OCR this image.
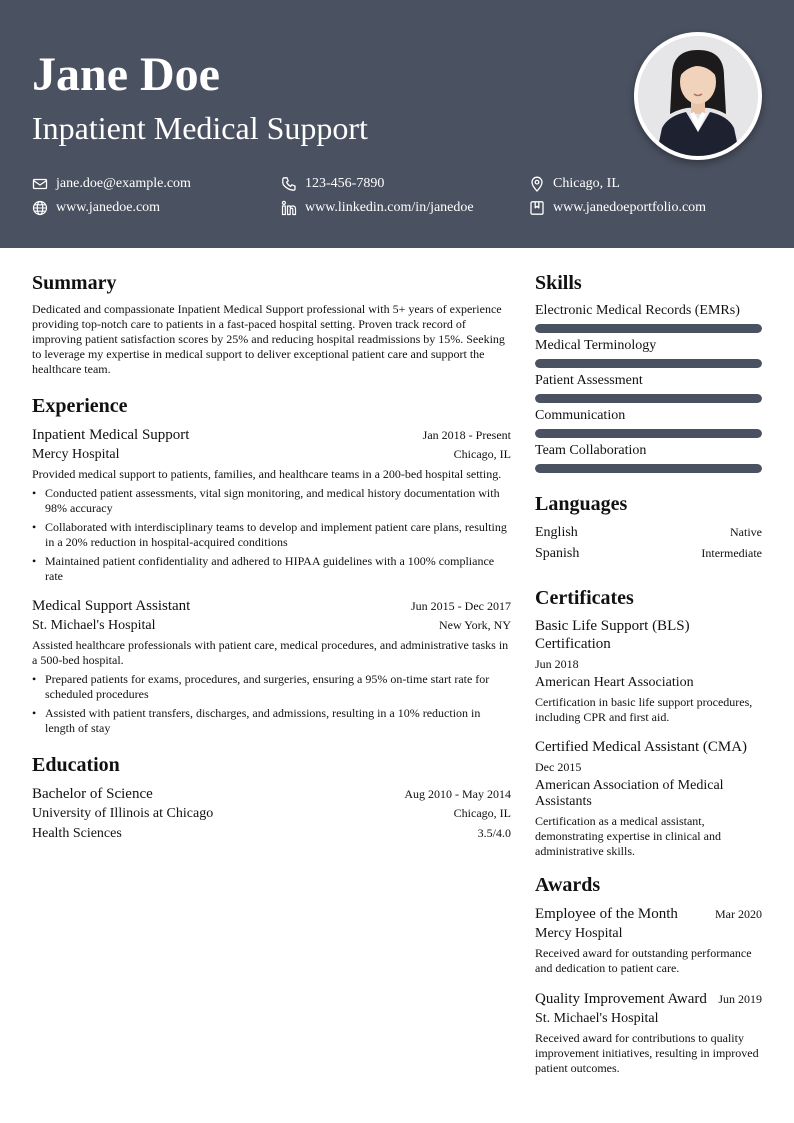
Jane Doe
Inpatient Medical Support
jane.doe@example.com	123-456-7890	Chicago, IL
www.janedoe.com	www.linkedin.com/in/janedoe	www.janedoeportfolio.com
Summary
Dedicated and compassionate Inpatient Medical Support professional with 5+ years of experience providing top-notch care to patients in a fast-paced hospital setting. Proven track record of improving patient satisfaction scores by 25% and reducing hospital readmissions by 15%. Seeking to leverage my expertise in medical support to deliver exceptional patient care and support the healthcare team.
Experience
Inpatient Medical Support	Jan 2018 - Present
Mercy Hospital	Chicago, IL
Provided medical support to patients, families, and healthcare teams in a 200-bed hospital setting.
• Conducted patient assessments, vital sign monitoring, and medical history documentation with 98% accuracy
• Collaborated with interdisciplinary teams to develop and implement patient care plans, resulting in a 20% reduction in hospital-acquired conditions
• Maintained patient confidentiality and adhered to HIPAA guidelines with a 100% compliance rate
Medical Support Assistant	Jun 2015 - Dec 2017
St. Michael's Hospital	New York, NY
Assisted healthcare professionals with patient care, medical procedures, and administrative tasks in a 500-bed hospital.
• Prepared patients for exams, procedures, and surgeries, ensuring a 95% on-time start rate for scheduled procedures
• Assisted with patient transfers, discharges, and admissions, resulting in a 10% reduction in length of stay
Education
Bachelor of Science	Aug 2010 - May 2014
University of Illinois at Chicago	Chicago, IL
Health Sciences	3.5/4.0
Skills
Electronic Medical Records (EMRs)
Medical Terminology
Patient Assessment
Communication
Team Collaboration
Languages
English	Native
Spanish	Intermediate
Certificates
Basic Life Support (BLS) Certification
Jun 2018
American Heart Association
Certification in basic life support procedures, including CPR and first aid.
Certified Medical Assistant (CMA)
Dec 2015
American Association of Medical Assistants
Certification as a medical assistant, demonstrating expertise in clinical and administrative skills.
Awards
Employee of the Month	Mar 2020
Mercy Hospital
Received award for outstanding performance and dedication to patient care.
Quality Improvement Award Jun 2019
St. Michael's Hospital
Received award for contributions to quality improvement initiatives, resulting in improved patient outcomes.
